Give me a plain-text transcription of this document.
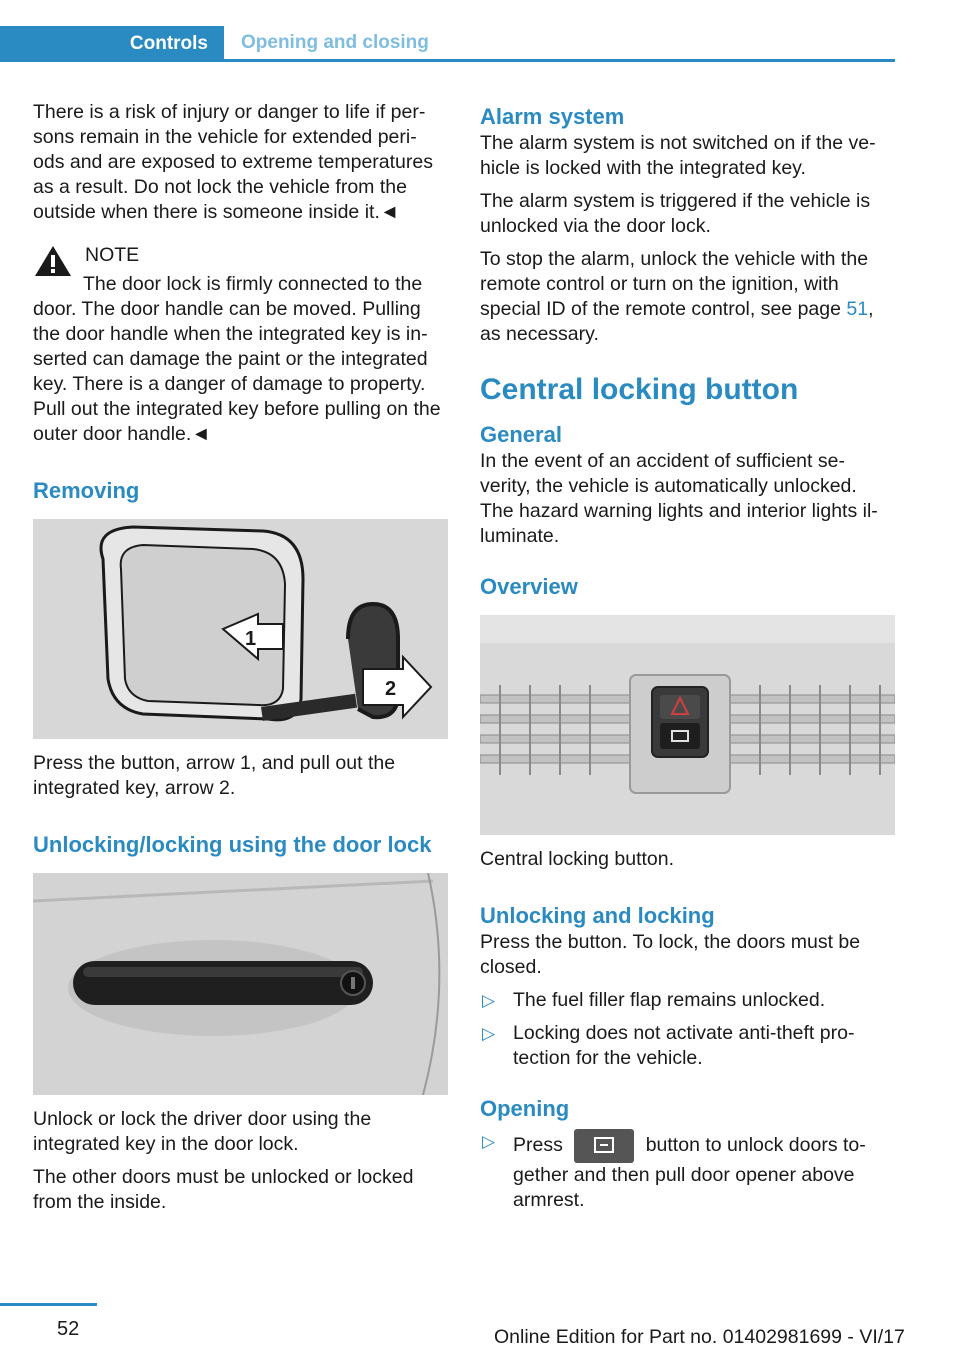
Controls Opening and closing

There is a risk of injury or danger to life if per-sons remain in the vehicle for extended peri-ods and are exposed to extreme temperatures as a result. Do not lock the vehicle from the outside when there is someone inside it.◄

NOTE

The door lock is firmly connected to the door. The door handle can be moved. Pulling the door handle when the integrated key is in-serted can damage the paint or the integrated key. There is a danger of damage to property. Pull out the integrated key before pulling on the outer door handle.◄

Removing
1
2

Press the button, arrow 1, and pull out the integrated key, arrow 2.

Unlocking/locking using the door lock

Unlock or lock the driver door using the integrated key in the door lock.

The other doors must be unlocked or locked from the inside.

Alarm system

The alarm system is not switched on if the ve-hicle is locked with the integrated key.

The alarm system is triggered if the vehicle is unlocked via the door lock.

To stop the alarm, unlock the vehicle with the remote control or turn on the ignition, with special ID of the remote control, see page 51, as necessary.

Central locking button
General

In the event of an accident of sufficient se-verity, the vehicle is automatically unlocked. The hazard warning lights and interior lights il-luminate.

Overview

Central locking button.

Unlocking and locking

Press the button. To lock, the doors must be closed.

▷ The fuel filler flap remains unlocked.
▷ Locking does not activate anti-theft pro-tection for the vehicle.
Opening
▷ Press	button to unlock doors to-gether and then pull door opener above armrest.
52	Online Edition for Part no. 01402981699 - VI/17
